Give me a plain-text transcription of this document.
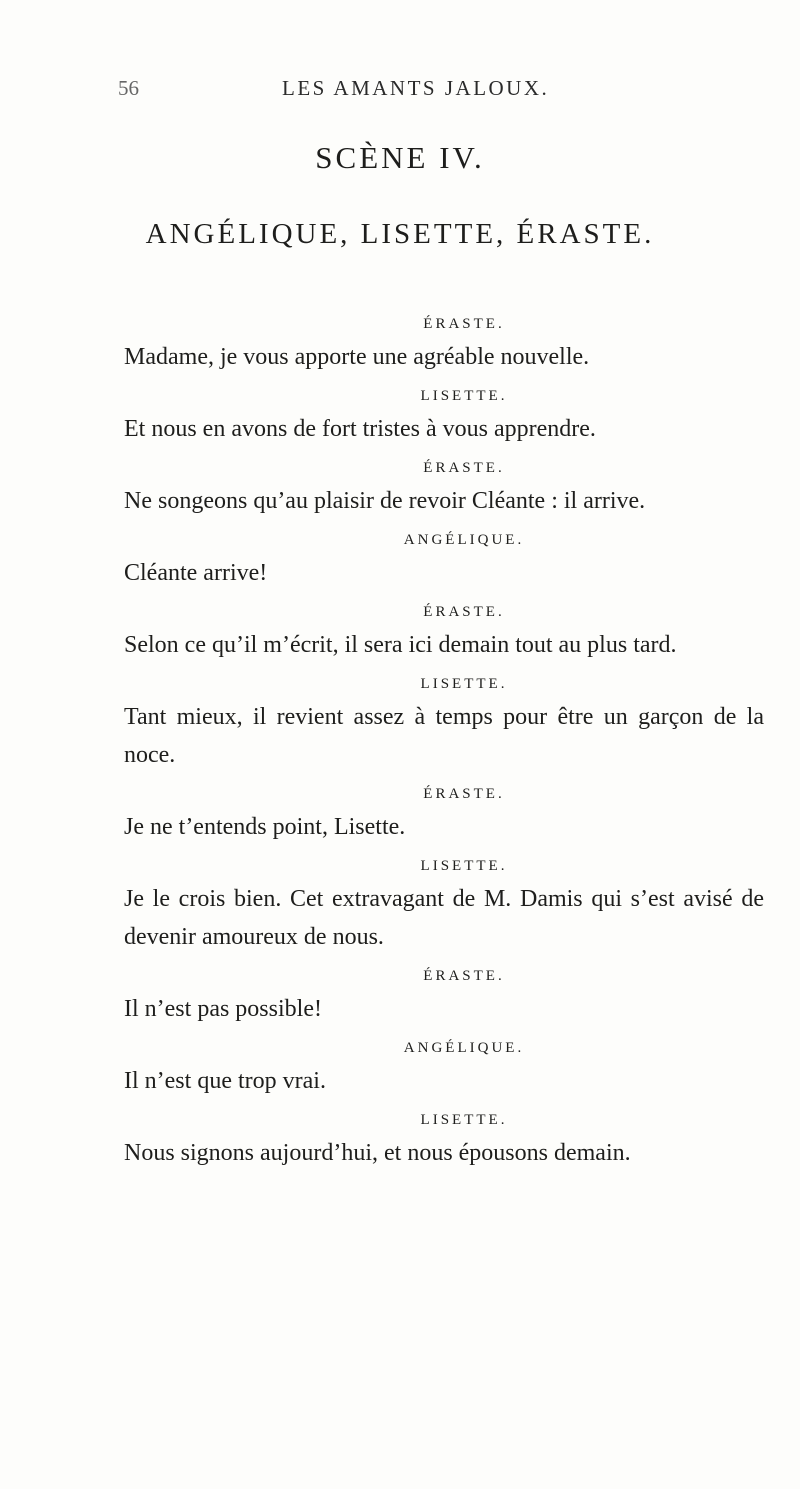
56	LES AMANTS JALOUX.
SCÈNE IV.
ANGÉLIQUE, LISETTE, ÉRASTE.
ÉRASTE.
Madame, je vous apporte une agréable nouvelle.
LISETTE.
Et nous en avons de fort tristes à vous apprendre.
ÉRASTE.
Ne songeons qu’au plaisir de revoir Cléante : il arrive.
ANGÉLIQUE.
Cléante arrive!
ÉRASTE.
Selon ce qu’il m’écrit, il sera ici demain tout au plus tard.
LISETTE.
Tant mieux, il revient assez à temps pour être un garçon de la noce.
ÉRASTE.
Je ne t’entends point, Lisette.
LISETTE.
Je le crois bien. Cet extravagant de M. Damis qui s’est avisé de devenir amoureux de nous.
ÉRASTE.
Il n’est pas possible!
ANGÉLIQUE.
Il n’est que trop vrai.
LISETTE.
Nous signons aujourd’hui, et nous épousons demain.
